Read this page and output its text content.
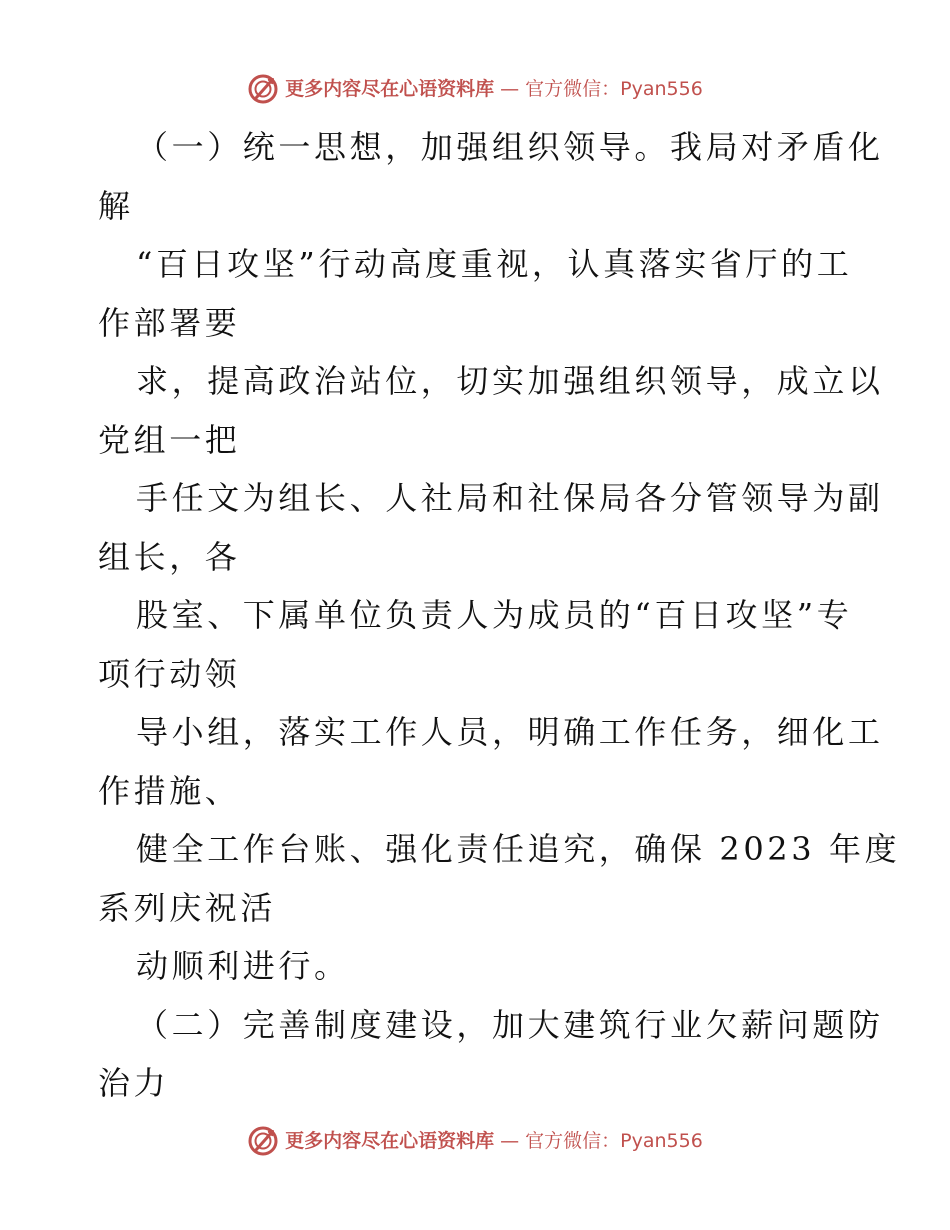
更多内容尽在心语资料库 — 官方微信：Pyan556
（一）统一思想，加强组织领导。我局对矛盾化
解
“百日攻坚”行动高度重视，认真落实省厅的工
作部署要
求，提高政治站位，切实加强组织领导，成立以
党组一把
手任文为组长、人社局和社保局各分管领导为副
组长，各
股室、下属单位负责人为成员的“百日攻坚”专
项行动领
导小组，落实工作人员，明确工作任务，细化工
作措施、
健全工作台账、强化责任追究，确保 2023 年度
系列庆祝活
动顺利进行。
（二）完善制度建设，加大建筑行业欠薪问题防
治力
更多内容尽在心语资料库 — 官方微信：Pyan556
